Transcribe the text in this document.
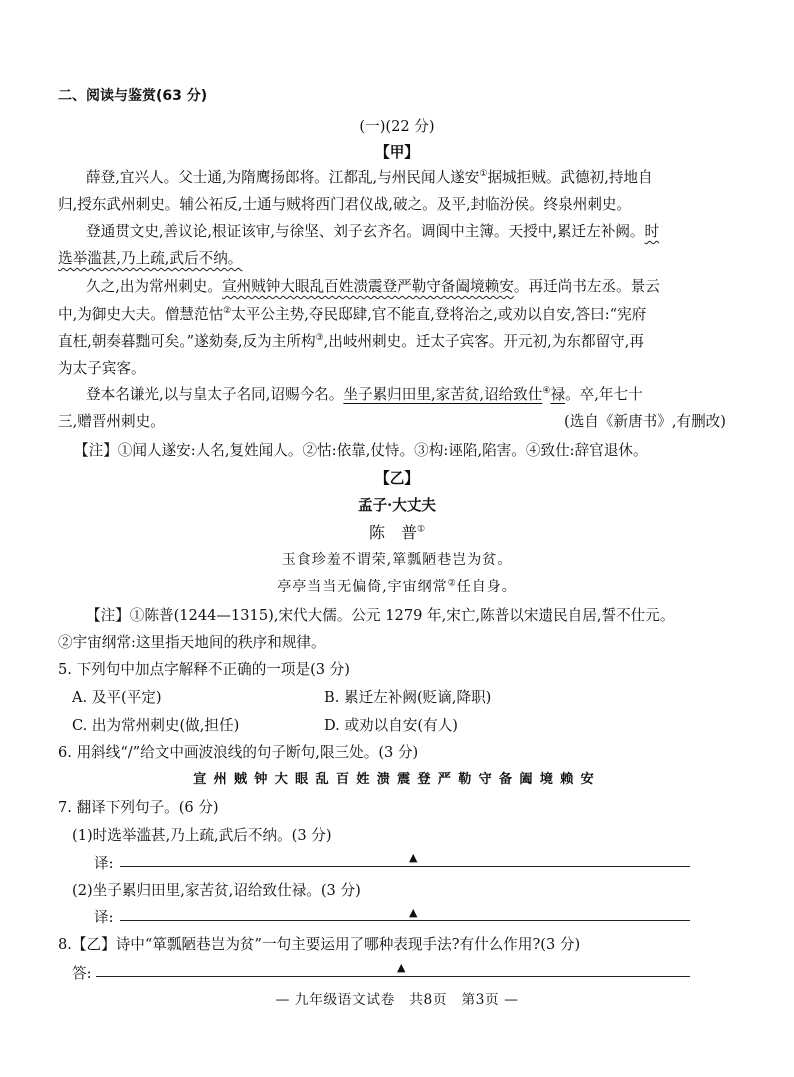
二、阅读与鉴赏(63 分)
(一)(22 分)
【甲】
薛登,宜兴人。父士通,为隋鹰扬郎将。江都乱,与州民闻人遂安①据城拒贼。武德初,持地自
归,授东武州刺史。辅公祏反,士通与贼将西门君仪战,破之。及平,封临汾侯。终泉州刺史。
登通贯文史,善议论,根证该审,与徐坚、刘子玄齐名。调阆中主簿。天授中,累迁左补阙。时
选举滥甚,乃上疏,武后不纳。
久之,出为常州刺史。宣州贼钟大眼乱百姓溃震登严勒守备阖境赖安。再迁尚书左丞。景云
中,为御史大夫。僧慧范怙②太平公主势,夺民邸肆,官不能直,登将治之,或劝以自安,答曰:“宪府
直枉,朝奏暮黜可矣。”遂劾奏,反为主所构③,出岐州刺史。迁太子宾客。开元初,为东都留守,再
为太子宾客。
登本名谦光,以与皇太子名同,诏赐今名。坐子累归田里,家苦贫,诏给致仕④禄。卒,年七十
三,赠晋州刺史。	(选自《新唐书》,有删改)
【注】①闻人遂安:人名,复姓闻人。②怙:依靠,仗恃。③构:诬陷,陷害。④致仕:辞官退休。
【乙】
孟子·大丈夫
陈　普①
玉食珍羞不谓荣,箪瓢陋巷岂为贫。
亭亭当当无偏倚,宇宙纲常②任自身。
【注】①陈普(1244—1315),宋代大儒。公元 1279 年,宋亡,陈普以宋遗民自居,誓不仕元。
②宇宙纲常:这里指天地间的秩序和规律。
5. 下列句中加点字解释不正确的一项是(3 分)
A. 及平(平定)	B. 累迁左补阙(贬谪,降职)
C. 出为常州刺史(做,担任)	D. 或劝以自安(有人)
6. 用斜线“/”给文中画波浪线的句子断句,限三处。(3 分)
宣州贼钟大眼乱百姓溃震登严勒守备阖境赖安
7. 翻译下列句子。(6 分)
(1)时选举滥甚,乃上疏,武后不纳。(3 分)
译:	▲
(2)坐子累归田里,家苦贫,诏给致仕禄。(3 分)
译:	▲
8.【乙】诗中“箪瓢陋巷岂为贫”一句主要运用了哪种表现手法?有什么作用?(3 分)
答:	▲
— 九年级语文试卷　共8页　第3页 —
